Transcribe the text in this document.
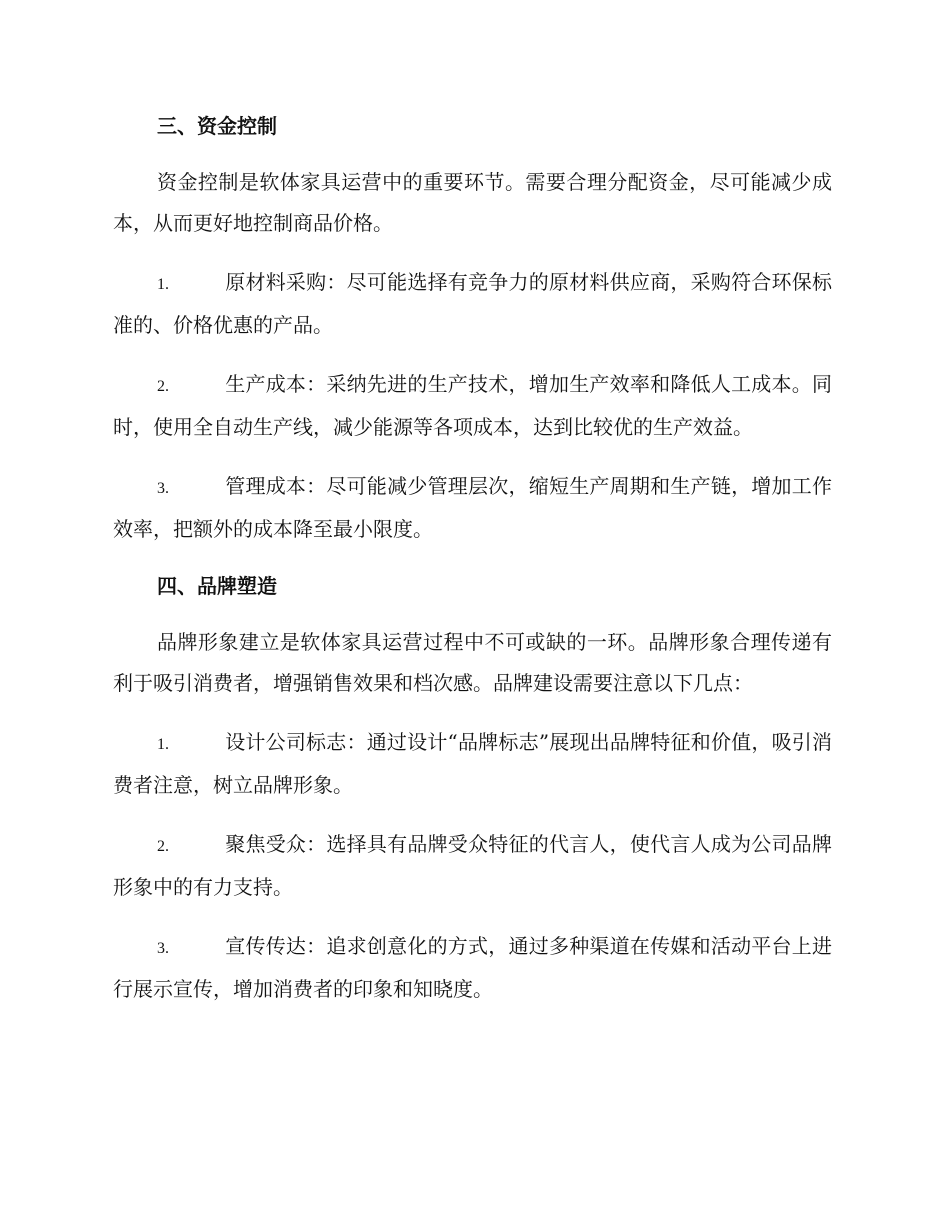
三、资金控制

资金控制是软体家具运营中的重要环节。需要合理分配资金，尽可能减少成本，从而更好地控制商品价格。

1.	原材料采购：尽可能选择有竞争力的原材料供应商，采购符合环保标准的、价格优惠的产品。

2.	生产成本：采纳先进的生产技术，增加生产效率和降低人工成本。同时，使用全自动生产线，减少能源等各项成本，达到比较优的生产效益。

3.	管理成本：尽可能减少管理层次，缩短生产周期和生产链，增加工作效率，把额外的成本降至最小限度。

四、品牌塑造

品牌形象建立是软体家具运营过程中不可或缺的一环。品牌形象合理传递有利于吸引消费者，增强销售效果和档次感。品牌建设需要注意以下几点：

1.	设计公司标志：通过设计“品牌标志”展现出品牌特征和价值，吸引消费者注意，树立品牌形象。

2.	聚焦受众：选择具有品牌受众特征的代言人，使代言人成为公司品牌形象中的有力支持。

3.	宣传传达：追求创意化的方式，通过多种渠道在传媒和活动平台上进行展示宣传，增加消费者的印象和知晓度。
